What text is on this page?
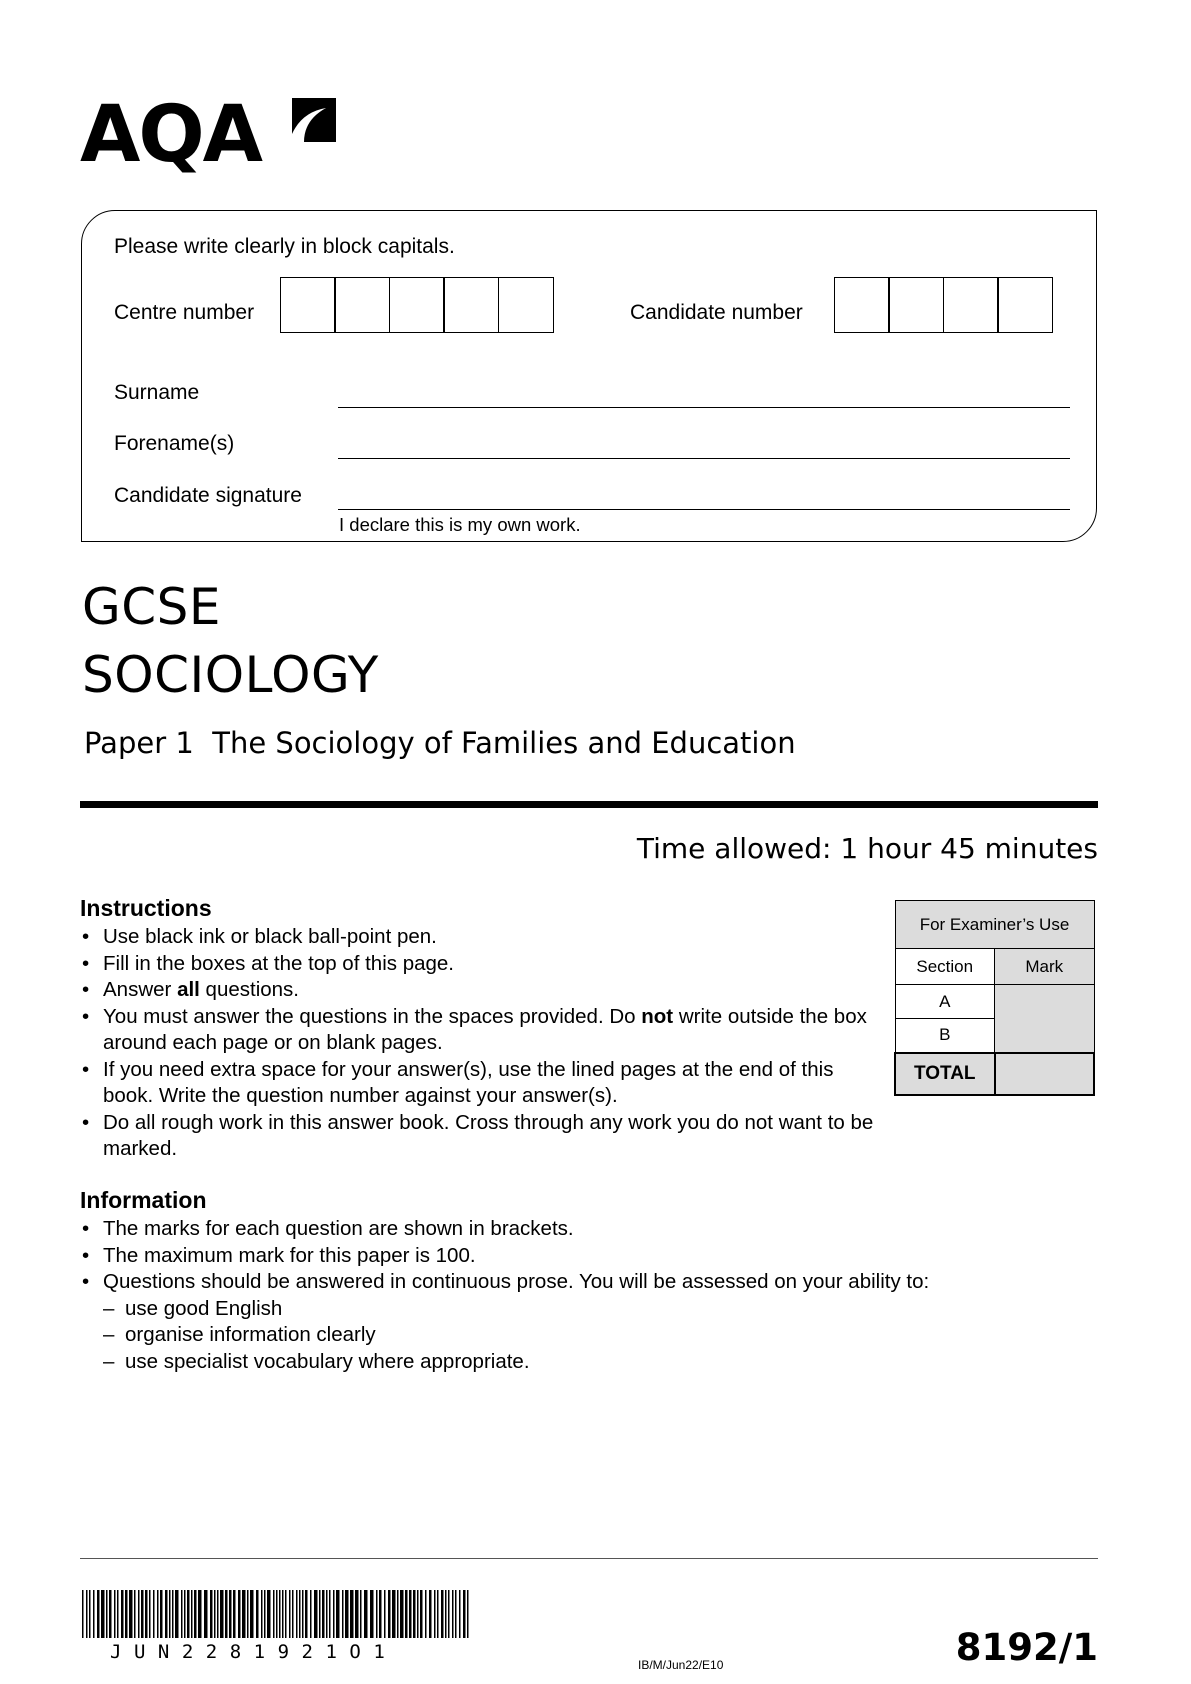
AQA
Please write clearly in block capitals.
Centre number	Candidate number
Surname
Forename(s)
Candidate signature
I declare this is my own work.
GCSE
SOCIOLOGY
Paper 1 The Sociology of Families and Education
Time allowed: 1 hour 45 minutes
Instructions
• Use black ink or black ball-point pen.
• Fill in the boxes at the top of this page.
• Answer all questions.
• You must answer the questions in the spaces provided. Do not write outside the box around each page or on blank pages.
• If you need extra space for your answer(s), use the lined pages at the end of this book. Write the question number against your answer(s).
• Do all rough work in this answer book. Cross through any work you do not want to be marked.
Information
• The marks for each question are shown in brackets.
• The maximum mark for this paper is 100.
• Questions should be answered in continuous prose. You will be assessed on your ability to:
– use good English
– organise information clearly
– use specialist vocabulary where appropriate.
For Examiner’s Use	
Section	Mark
A	
B	
TOTAL	
JUN2281921O1
IB/M/Jun22/E10	8192/1
